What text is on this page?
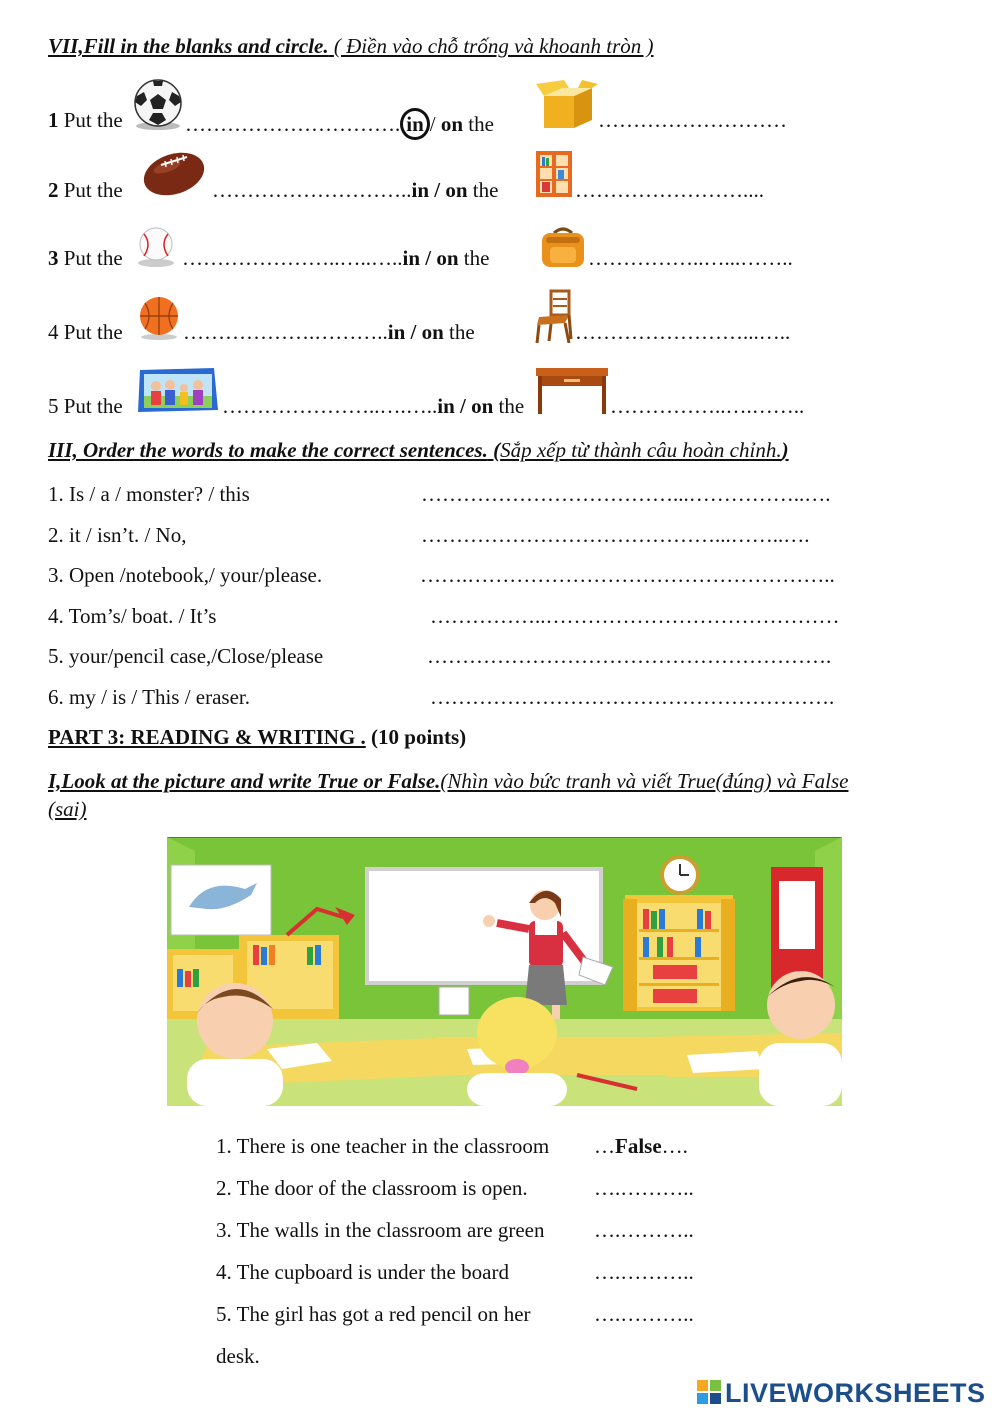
VII,Fill in the blanks and circle. ( Điền vào chỗ trống và khoanh tròn )
1 Put the	…………………………. in / on the	………………………
2 Put the	………………………..in / on the	……………………....
3 Put the	…………………..…..…..in / on the	……………..…...……..
4 Put the	……………….………..in / on the	……………………...…..
5 Put the	…………………..….…..in / on the	……………..….……..
III, Order the words to make the correct sentences. (Sắp xếp từ thành câu hoàn chỉnh.)
1. Is / a / monster? / this	………………………………...……………..….
2. it / isn’t. / No,	……………………………………...……..….
3. Open /notebook,/ your/please.	…….……………………………………………..
4. Tom’s/ boat. / It’s	……………..……………………………………
5. your/pencil case,/Close/please	………………………………………………….
6. my / is / This / eraser.	………………………………………………….
PART 3: READING & WRITING . (10 points)
I,Look at the picture and write True or False.(Nhìn vào bức tranh và viết True(đúng) và False
(sai)
1. There is one teacher in the classroom …False….
2. The door of the classroom is open.	….………..
3. The walls in the classroom are green ….………..
4. The cupboard is under the board	….………..
5. The girl has got a red pencil on her	….………..
desk.
LIVEWORKSHEETS
